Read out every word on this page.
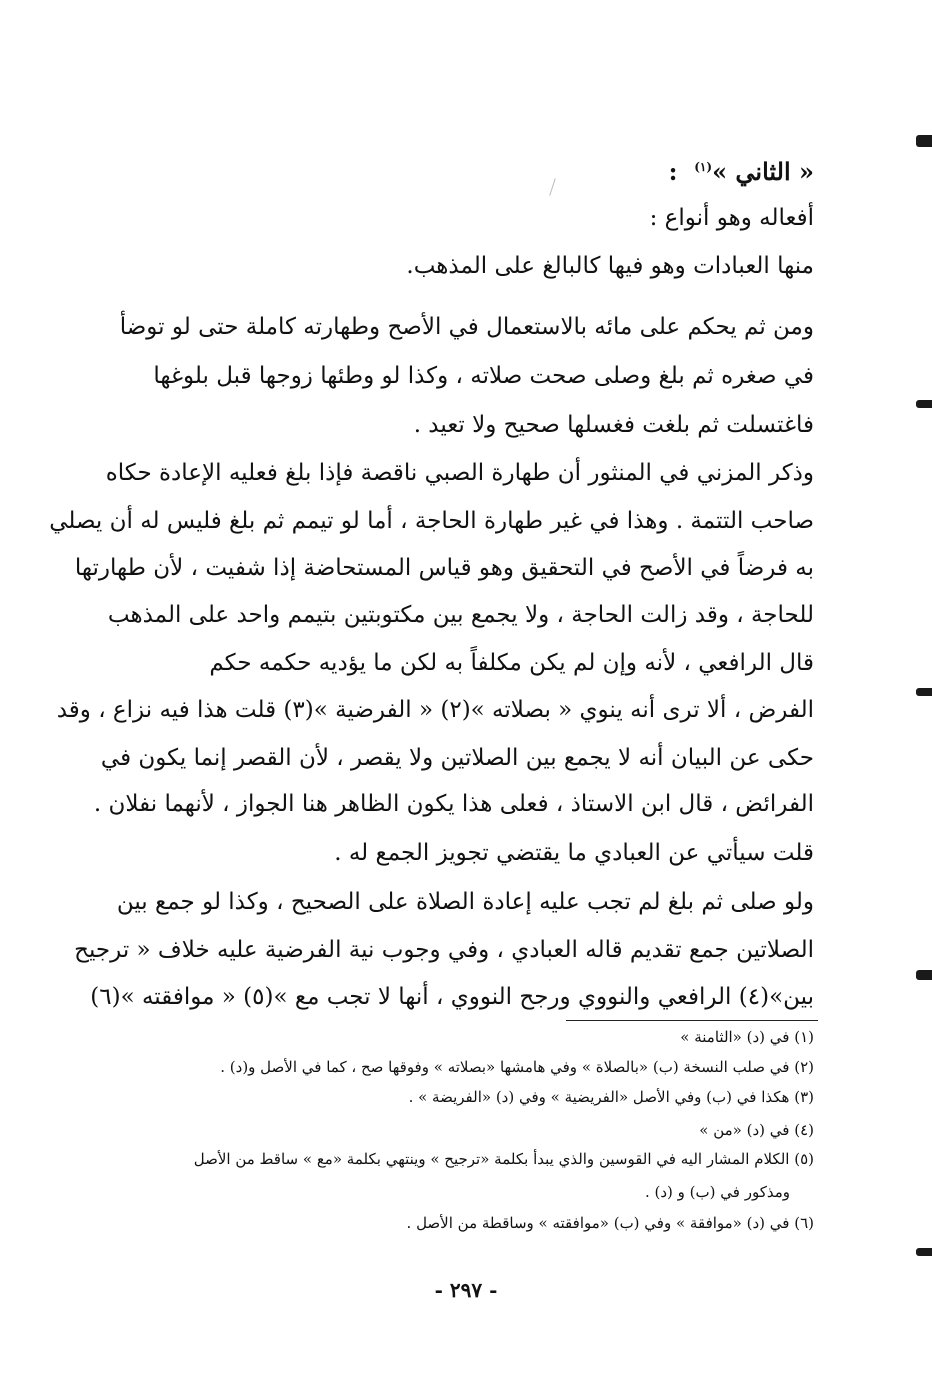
« الثاني »$^{(١)}$  :
أفعاله وهو أنواع :
منها العبادات وهو فيها كالبالغ على المذهب.
ومن ثم يحكم على مائه بالاستعمال في الأصح وطهارته كاملة حتى لو توضأ
في صغره ثم بلغ وصلى صحت صلاته ، وكذا لو وطئها زوجها قبل بلوغها
فاغتسلت ثم بلغت فغسلها صحيح ولا تعيد .
وذكر المزني في المنثور أن طهارة الصبي ناقصة فإذا بلغ فعليه الإعادة حكاه
صاحب التتمة . وهذا في غير طهارة الحاجة ، أما لو تيمم ثم بلغ فليس له أن يصلي
به فرضاً في الأصح في التحقيق وهو قياس المستحاضة إذا شفيت ، لأن طهارتها
للحاجة ، وقد زالت الحاجة ، ولا يجمع بين مكتوبتين بتيمم واحد على المذهب
قال الرافعي ، لأنه وإن لم يكن مكلفاً به لكن ما يؤديه حكمه حكم
الفرض ، ألا ترى أنه ينوي « بصلاته »(٢) « الفرضية »(٣) قلت هذا فيه نزاع ، وقد
حكى عن البيان أنه لا يجمع بين الصلاتين ولا يقصر ، لأن القصر إنما يكون في
الفرائض ، قال ابن الاستاذ ، فعلى هذا يكون الظاهر هنا الجواز ، لأنهما نفلان .
قلت سيأتي عن العبادي ما يقتضي تجويز الجمع له .
ولو صلى ثم بلغ لم تجب عليه إعادة الصلاة على الصحيح ، وكذا لو جمع بين
الصلاتين جمع تقديم قاله العبادي ، وفي وجوب نية الفرضية عليه خلاف « ترجيح
بين»(٤) الرافعي والنووي ورجح النووي ، أنها لا تجب مع »(٥) « موافقته »(٦)
(١) في (د) «الثامنة »
(٢) في صلب النسخة (ب) «بالصلاة » وفي هامشها «بصلاته » وفوقها صح ، كما في الأصل و(د) .
(٣) هكذا في (ب) وفي الأصل «الفريضية » وفي (د) «الفريضة » .
(٤) في (د) «من »
(٥) الكلام المشار اليه في القوسين والذي يبدأ بكلمة «ترجيح » وينتهي بكلمة «مع » ساقط من الأصل
ومذكور في (ب) و (د) .
(٦) في (د) «موافقة » وفي (ب) «موافقته » وساقطة من الأصل .
- ٢٩٧ -
